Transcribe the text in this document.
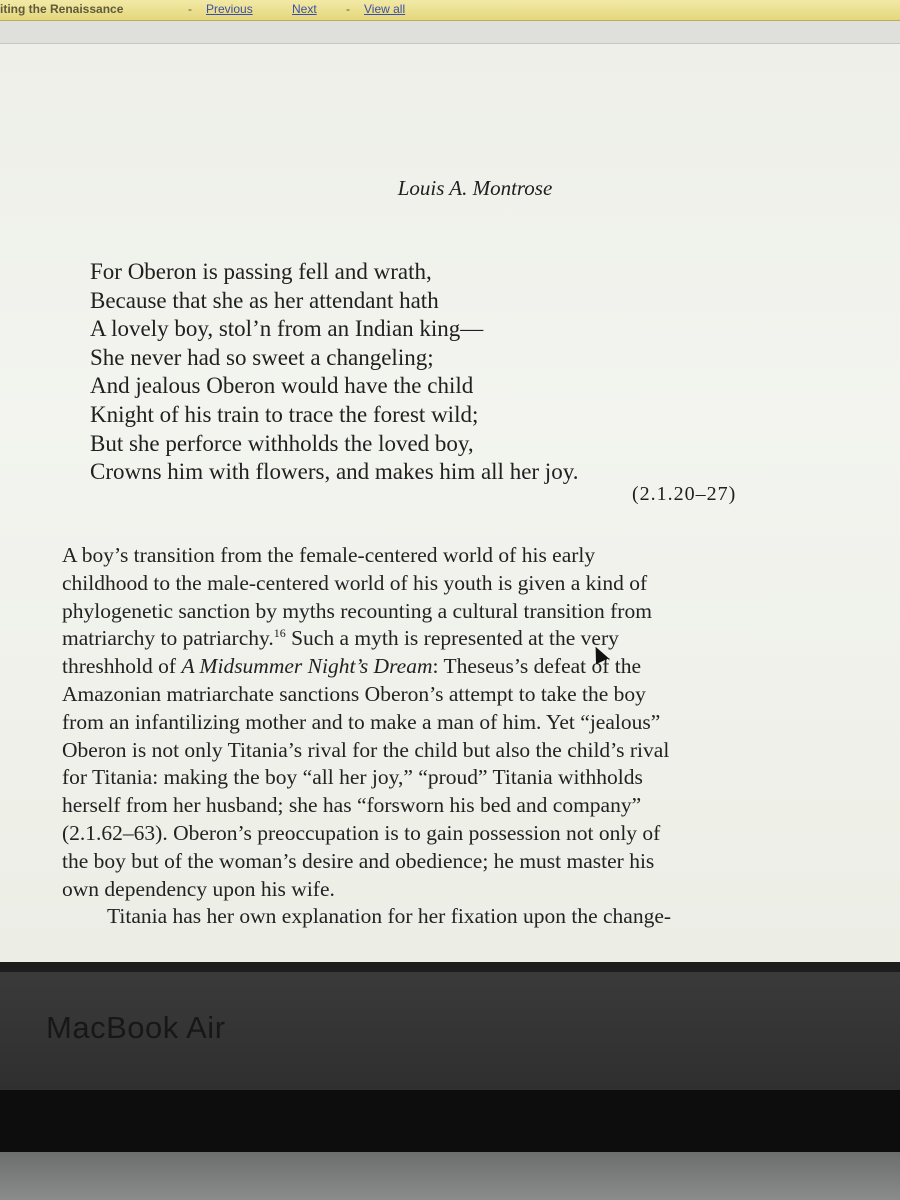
iting the Renaissance	- Previous	Next - View all
Louis A. Montrose
For Oberon is passing fell and wrath,
Because that she as her attendant hath
A lovely boy, stol’n from an Indian king—
She never had so sweet a changeling;
And jealous Oberon would have the child
Knight of his train to trace the forest wild;
But she perforce withholds the loved boy,
Crowns him with flowers, and makes him all her joy.
(2.1.20–27)
A boy’s transition from the female-centered world of his early
childhood to the male-centered world of his youth is given a kind of
phylogenetic sanction by myths recounting a cultural transition from
matriarchy to patriarchy.$^{16}$ Such a myth is represented at the very
threshhold of A Midsummer Night’s Dream: Theseus’s defeat of the
Amazonian matriarchate sanctions Oberon’s attempt to take the boy
from an infantilizing mother and to make a man of him. Yet “jealous”
Oberon is not only Titania’s rival for the child but also the child’s rival
for Titania: making the boy “all her joy,” “proud” Titania withholds
herself from her husband; she has “forsworn his bed and company”
(2.1.62–63). Oberon’s preoccupation is to gain possession not only of
the boy but of the woman’s desire and obedience; he must master his
own dependency upon his wife.
Titania has her own explanation for her fixation upon the change-
MacBook Air
